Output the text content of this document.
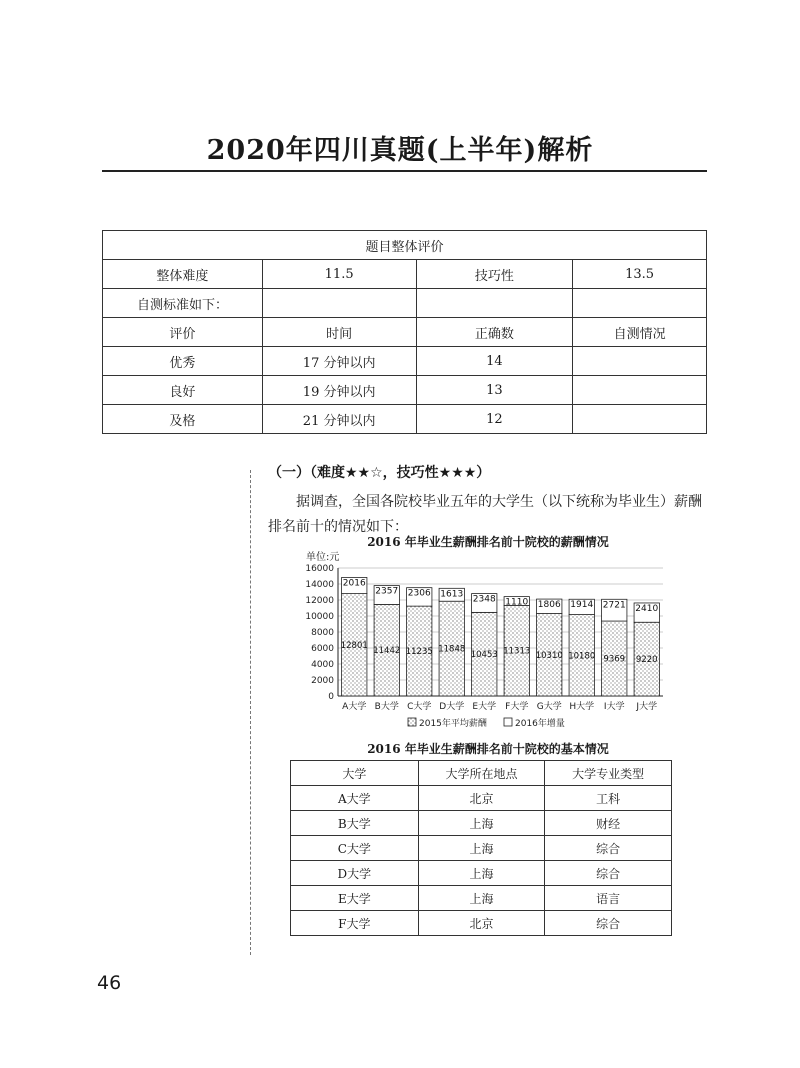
2020年四川真题(上半年)解析
题目整体评价			
整体难度	11.5	技巧性	13.5
自测标准如下：			
评价	时间	正确数	自测情况
优秀	17 分钟以内	14	
良好	19 分钟以内	13	
及格	21 分钟以内	12	
（一）（难度★★☆，技巧性★★★）
据调查，全国各院校毕业五年的大学生（以下统称为毕业生）薪酬排名前十的情况如下：
2016 年毕业生薪酬排名前十院校的薪酬情况
单位:元
0
2000
4000
6000
8000
10000
12000
14000
16000
2016
12801
A大学
2357
11442
B大学
2306
11235
C大学
1613
11848
D大学
2348
10453
E大学
1110
11313
F大学
1806
10310
G大学
1914
10180
H大学
2721
9369
I大学
2410
9220
J大学
2015年平均薪酬	2016年增量
2016 年毕业生薪酬排名前十院校的基本情况
大学	大学所在地点	大学专业类型
A大学	北京	工科
B大学	上海	财经
C大学	上海	综合
D大学	上海	综合
E大学	上海	语言
F大学	北京	综合
46
